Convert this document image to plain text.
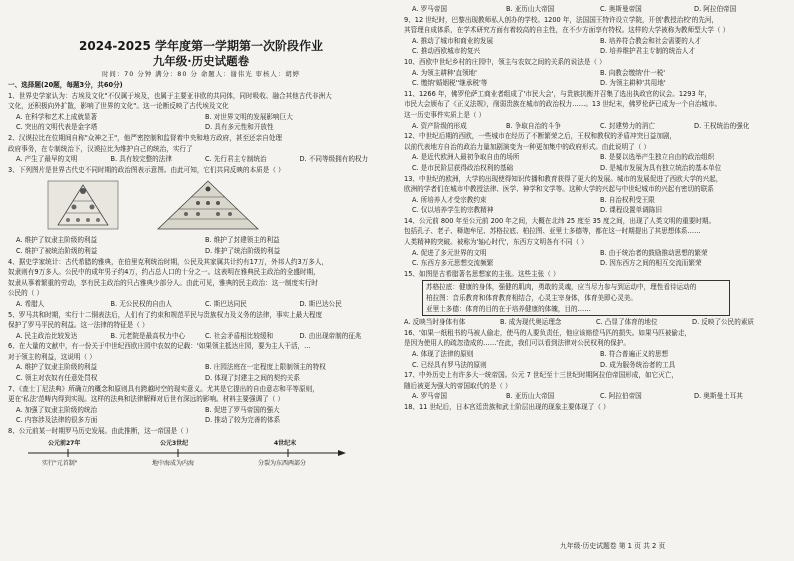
2024-2025 学年度第一学期第一次阶段作业
九年级·历史试题卷
时间：70 分钟 满分：80 分 命题人：谢伟光 审核人：胡婷

一、选择题(20题，每题3分，共60分)

1、世界史学家认为：古埃及文化"不仅属于埃及，也属于主要亚非欧的共同体，同时吸收、融合其他古代非洲大

文化，还积极向外扩散，影响了世界的文化"。这一论断反映了古代埃及文化

A. 在科学和艺术上成就显著	B. 对世界文明的发展影响巨大
C. 突出的文明代表是金字塔	D. 具有多元性和开放性

2、汉谟拉比在位期间自称"众神之王"，他严密控制和监督着中央和地方政府，甚至还亲自处理

政府事务，在专制统治下，汉谟拉比为维护自己的统治，实行了

A. 产生了最早的文明	B. 具有较完整的法律	C. 先行君主专制统治	D. 不同等级拥有的权力

3、下列图片是世界古代史不同时期的政治图表示意图。由此可知，它们共同反映的本质是（ ）

A. 维护了奴隶主阶级的利益	B. 维护了封建领主的利益
C. 维护了被统治阶级的利益	D. 维护了统治阶级的利益

4、据史学家统计：古代希腊的雅典，在伯里克利统治时期，公民及其家属共计约有17万，外邦人约3万多人，

奴隶则有9万多人。公民中的成年男子约4万，约占总人口的十分之一。这表明在雅典民主政治的全盛时期，

奴隶从事着繁重的劳动，享有民主政治的只占雅典少部分人。由此可见，雅典的民主政治：这一制度实行时

公民的（ ）

A. 希腊人	B. 无公民权的自由人	C. 斯巴达同民	D. 斯巴达公民

5、罗马共和时期，实行十二铜表法后，人们有了约束和规范平民与贵族权力及义务的法律，事实上最大程度

保护了罗马平民的利益。这一法律的特征是（ ）

A. 民主政治比较发达	B. 元老院是最高权力中心	C. 社会矛盾相比较缓和	D. 由出现帝制的征兆

6、在大量的文献中，有一份关于中世纪西欧庄园中农奴的记载：'如果领主抵达庄园，要为主人干活，...

对于领主的利益，这说明（ ）

A. 维护了奴隶主阶级的利益	B. 庄园法庭在一定程度上限制领主的特权
C. 领主对农奴有任意处罚权	D. 体现了封建主之间的契约关系

7、《查士丁尼法典》所确立的概念和原则具有跨越时空的现实意义。尤其是它提出的自由意志和平等原则，

更在'私法'范畴内得到实现。这样的法典和法律解释对后世有深远的影响。材料主要强调了（ ）

A. 加强了奴隶主阶级的统治	B. 促进了罗马帝国的强大
C. 内容涉及法律的很多方面	D. 推动了较为完善的体系

8、公元前某一时期罗马历史发展。由此推断，这一帝国是（ ）

公元前27年	公元3世纪	4世纪末
实行"元首制"	地中海成为内海	分裂为东西两部分
A. 罗马帝国	B. 亚历山大帝国	C. 奥斯曼帝国	D. 阿拉伯帝国

9、12 世纪时，巴黎出现教师私人创办的学校。1200 年，法国国王特许设立学院，开创'教授治校'的先河，

其管理自成体系，在学术研究方面有着较高的自主性，在不少方面享有特权。这样的大学被称为教师型大学（ ）

A. 推动了城市和商业的发展	B. 培养符合教会和社会需要的人才
C. 推动西欧城市的复兴	D. 培养维护君主专制的统治人才

10、西欧中世纪乡村的庄园中，领主与农奴之间的关系的说法是（ ）

A. 为领主耕种'直领地'	B. 向教会缴纳'什一税'
C. 缴纳'婚姻税''继承税'等	D. 为领主耕种'共用地'

11、1266 年，佛罗伦萨工商业者组成了'市民大会'，与贵族抗衡并召集了选出执政官的议会。1293 年，

市民大会颁布了《正义法规》，削弱贵族在城市的政治权力……。13 世纪末，佛罗伦萨已成为一个自治城市。

这一历史事件实质上是（ ）

A. 资产阶级的形成	B. 争取自治的斗争	C. 封建势力的消亡	D. 王权统治的强化

12、中世纪后期的西欧，一些城市在经历了不断繁荣之后，王权和教权的矛盾冲突日益加剧，

以前代表地方自治的政治力量加剧演变为一种更加集中的政府形式。由此说明了（ ）

A. 是近代欧洲人最初争取自由的场所	B. 是要以选举产生独立自由的政治组织
C. 是市民阶层获得政治权利的基础	D. 是城市发展为具有独立统治的基本单位

13、中世纪的欧洲，大学的出现使得知识传播和教育获得了更大的发展。城市的发展促进了西欧大学的兴起，

欧洲的学者们在城市中教授法律、医学、神学和文学等。这种大学的兴起与中世纪城市的兴起有密切的联系

A. 所培养人才受宗教约束	B. 自治权利受王限
C. 仅以培养学生的宗教精神	D. 课程设置单调陈旧

14、公元前 800 年至公元前 200 年之间，大概在北纬 25 度至 35 度之间，出现了人类文明的重要时期。

包括孔子、老子、释迦牟尼、苏格拉底、柏拉图、亚里士多德等，都在这一时期提出了其思想体系……

人类精神的突破。被称为'轴心时代'，东西方文明各有不同（ ）

A. 促进了多元世界的文明	B. 由于统治者的鼓励推动思想的繁荣
C. 东西方多元思想交流频繁	D. 因东西方之间的相互交流而繁荣

15、如图是古希腊著名思想家的主张。这些主张（ ）

苏格拉底：健康的身体，强健的肌肉，勇敢的灵魂，应当尽力参与到运动中，理性看待运动的

柏拉图：音乐教育和体育教育相结合，心灵主宰身体，体育美即心灵美。

亚里士多德：体育的目的在于培养健康的体魄，目的……

A. 反映当时身体有体	B. 成为现代奥运理念	C. 凸显了体育的地位	D. 反映了公民的素质

16、'如果一纸租书的马被人偷走，使马的人要负责任，他应该赔偿马匹的损失。如果马匹被偷走，

是因为使用人的疏忽造成的……'在此，我们可以看到法律对公民权利的保护。

A. 体现了法律的原则	B. 符合普遍正义的思想
C. 已经具有罗马法的原则	D. 成为服务统治者的工具

17、中外历史上有许多大一统帝国。公元 7 世纪至十三世纪时期阿拉伯帝国形成，如它灭亡，

随后被更为强大的帝国取代的是（ ）

A. 罗马帝国	B. 亚历山大帝国	C. 阿拉伯帝国	D. 奥斯曼土耳其

18、11 世纪后，日本宫廷贵族和武士阶层出现的现象主要体现了（ ）

九年级·历史试题卷 第 1 页 共 2 页
